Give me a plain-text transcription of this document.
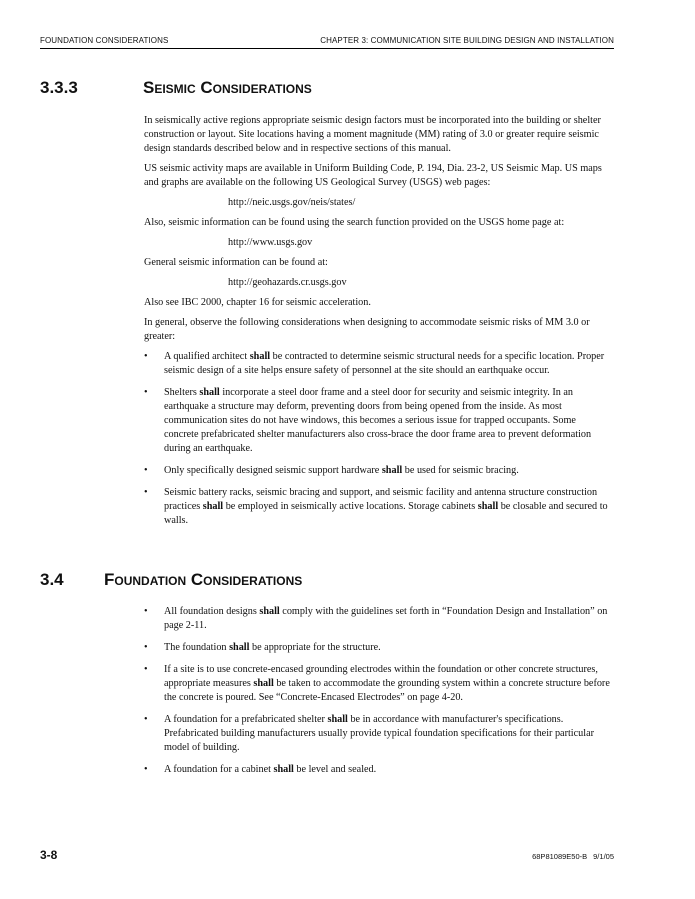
FOUNDATION CONSIDERATIONS	CHAPTER 3: COMMUNICATION SITE BUILDING DESIGN AND INSTALLATION
3.3.3	Seismic Considerations

In seismically active regions appropriate seismic design factors must be incorporated into the building or shelter construction or layout. Site locations having a moment magnitude (MM) rating of 3.0 or greater require seismic design standards described below and in respective sections of this manual.

US seismic activity maps are available in Uniform Building Code, P. 194, Dia. 23-2, US Seismic Map. US maps and graphs are available on the following US Geological Survey (USGS) web pages:

http://neic.usgs.gov/neis/states/

Also, seismic information can be found using the search function provided on the USGS home page at:

http://www.usgs.gov

General seismic information can be found at:

http://geohazards.cr.usgs.gov

Also see IBC 2000, chapter 16 for seismic acceleration.

In general, observe the following considerations when designing to accommodate seismic risks of MM 3.0 or greater:

•	A qualified architect shall be contracted to determine seismic structural needs for a specific location. Proper seismic design of a site helps ensure safety of personnel at the site should an earthquake occur.
•	Shelters shall incorporate a steel door frame and a steel door for security and seismic integrity. In an earthquake a structure may deform, preventing doors from being opened from the inside. As most communication sites do not have windows, this becomes a serious issue for trapped occupants. Some concrete prefabricated shelter manufacturers also cross-brace the door frame area to prevent deformation during an earthquake.
•	Only specifically designed seismic support hardware shall be used for seismic bracing.
•	Seismic battery racks, seismic bracing and support, and seismic facility and antenna structure construction practices shall be employed in seismically active locations. Storage cabinets shall be closable and secured to walls.
3.4	Foundation Considerations
•	All foundation designs shall comply with the guidelines set forth in “Foundation Design and Installation” on page 2-11.
•	The foundation shall be appropriate for the structure.
•	If a site is to use concrete-encased grounding electrodes within the foundation or other concrete structures, appropriate measures shall be taken to accommodate the grounding system within a concrete structure before the concrete is poured. See “Concrete-Encased Electrodes” on page 4-20.
•	A foundation for a prefabricated shelter shall be in accordance with manufacturer's specifications. Prefabricated building manufacturers usually provide typical foundation specifications for their particular model of building.
•	A foundation for a cabinet shall be level and sealed.
3-8	68P81089E50-B 9/1/05
